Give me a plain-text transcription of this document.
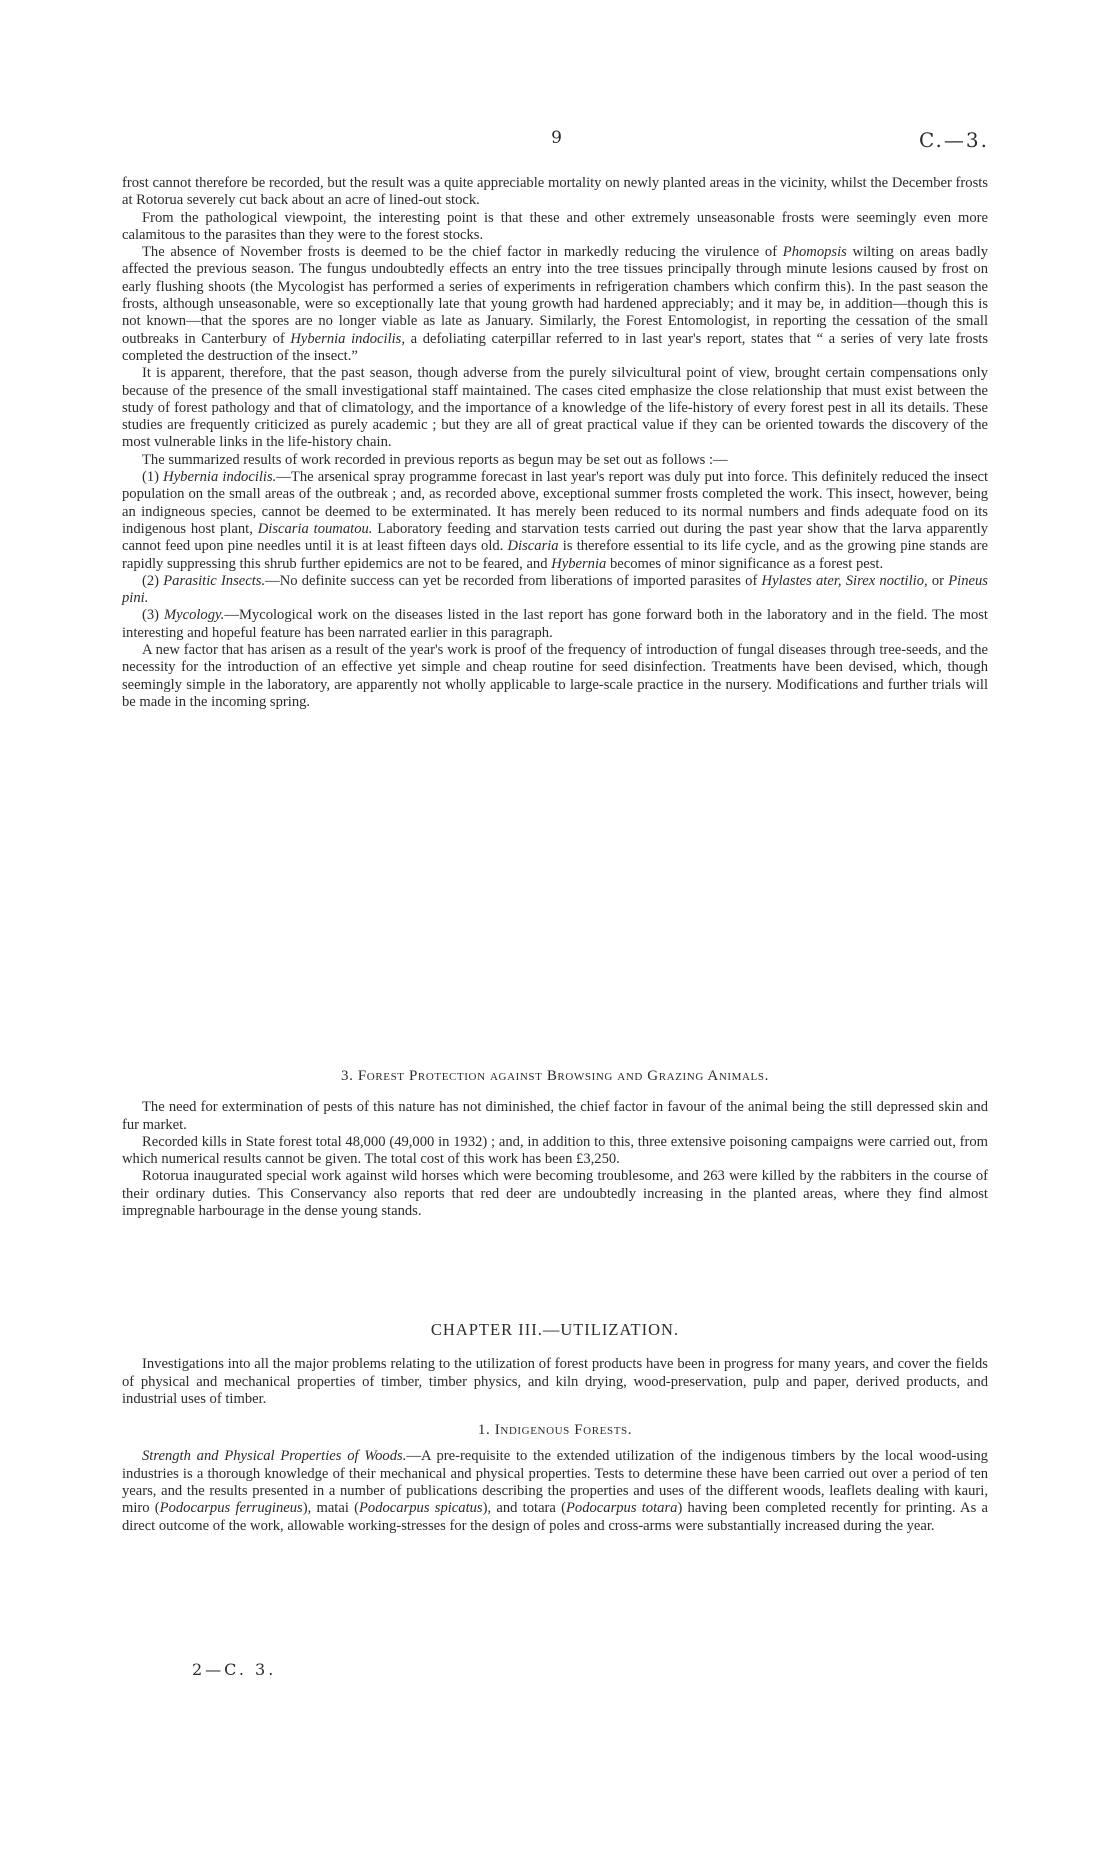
9	C.—3.

frost cannot therefore be recorded, but the result was a quite appreciable mortality on newly planted areas in the vicinity, whilst the December frosts at Rotorua severely cut back about an acre of lined-out stock.

From the pathological viewpoint, the interesting point is that these and other extremely unseasonable frosts were seemingly even more calamitous to the parasites than they were to the forest stocks.

The absence of November frosts is deemed to be the chief factor in markedly reducing the virulence of Phomopsis wilting on areas badly affected the previous season. The fungus undoubtedly effects an entry into the tree tissues principally through minute lesions caused by frost on early flushing shoots (the Mycologist has performed a series of experiments in refrigeration chambers which confirm this). In the past season the frosts, although unseasonable, were so exceptionally late that young growth had hardened appreciably; and it may be, in addition—though this is not known—that the spores are no longer viable as late as January. Similarly, the Forest Entomologist, in reporting the cessation of the small outbreaks in Canterbury of Hybernia indocilis, a defoliating caterpillar referred to in last year's report, states that “ a series of very late frosts completed the destruction of the insect.”

It is apparent, therefore, that the past season, though adverse from the purely silvicultural point of view, brought certain compensations only because of the presence of the small investigational staff maintained. The cases cited emphasize the close relationship that must exist between the study of forest pathology and that of climatology, and the importance of a knowledge of the life-history of every forest pest in all its details. These studies are frequently criticized as purely academic ; but they are all of great practical value if they can be oriented towards the discovery of the most vulnerable links in the life-history chain.

The summarized results of work recorded in previous reports as begun may be set out as follows :—

(1) Hybernia indocilis.—The arsenical spray programme forecast in last year's report was duly put into force. This definitely reduced the insect population on the small areas of the outbreak ; and, as recorded above, exceptional summer frosts completed the work. This insect, however, being an indigneous species, cannot be deemed to be exterminated. It has merely been reduced to its normal numbers and finds adequate food on its indigenous host plant, Discaria toumatou. Laboratory feeding and starvation tests carried out during the past year show that the larva apparently cannot feed upon pine needles until it is at least fifteen days old. Discaria is therefore essential to its life cycle, and as the growing pine stands are rapidly suppressing this shrub further epidemics are not to be feared, and Hybernia becomes of minor significance as a forest pest.

(2) Parasitic Insects.—No definite success can yet be recorded from liberations of imported parasites of Hylastes ater, Sirex noctilio, or Pineus pini.

(3) Mycology.—Mycological work on the diseases listed in the last report has gone forward both in the laboratory and in the field. The most interesting and hopeful feature has been narrated earlier in this paragraph.

A new factor that has arisen as a result of the year's work is proof of the frequency of introduction of fungal diseases through tree-seeds, and the necessity for the introduction of an effective yet simple and cheap routine for seed disinfection. Treatments have been devised, which, though seemingly simple in the laboratory, are apparently not wholly applicable to large-scale practice in the nursery. Modifications and further trials will be made in the incoming spring.

3. Forest Protection against Browsing and Grazing Animals.

The need for extermination of pests of this nature has not diminished, the chief factor in favour of the animal being the still depressed skin and fur market.

Recorded kills in State forest total 48,000 (49,000 in 1932) ; and, in addition to this, three extensive poisoning campaigns were carried out, from which numerical results cannot be given. The total cost of this work has been £3,250.

Rotorua inaugurated special work against wild horses which were becoming troublesome, and 263 were killed by the rabbiters in the course of their ordinary duties. This Conservancy also reports that red deer are undoubtedly increasing in the planted areas, where they find almost impregnable harbourage in the dense young stands.

CHAPTER III.—UTILIZATION.

Investigations into all the major problems relating to the utilization of forest products have been in progress for many years, and cover the fields of physical and mechanical properties of timber, timber physics, and kiln drying, wood-preservation, pulp and paper, derived products, and industrial uses of timber.

1. Indigenous Forests.

Strength and Physical Properties of Woods.—A pre-requisite to the extended utilization of the indigenous timbers by the local wood-using industries is a thorough knowledge of their mechanical and physical properties. Tests to determine these have been carried out over a period of ten years, and the results presented in a number of publications describing the properties and uses of the different woods, leaflets dealing with kauri, miro (Podocarpus ferrugineus), matai (Podocarpus spicatus), and totara (Podocarpus totara) having been completed recently for printing. As a direct outcome of the work, allowable working-stresses for the design of poles and cross-arms were substantially increased during the year.

2—C. 3.
